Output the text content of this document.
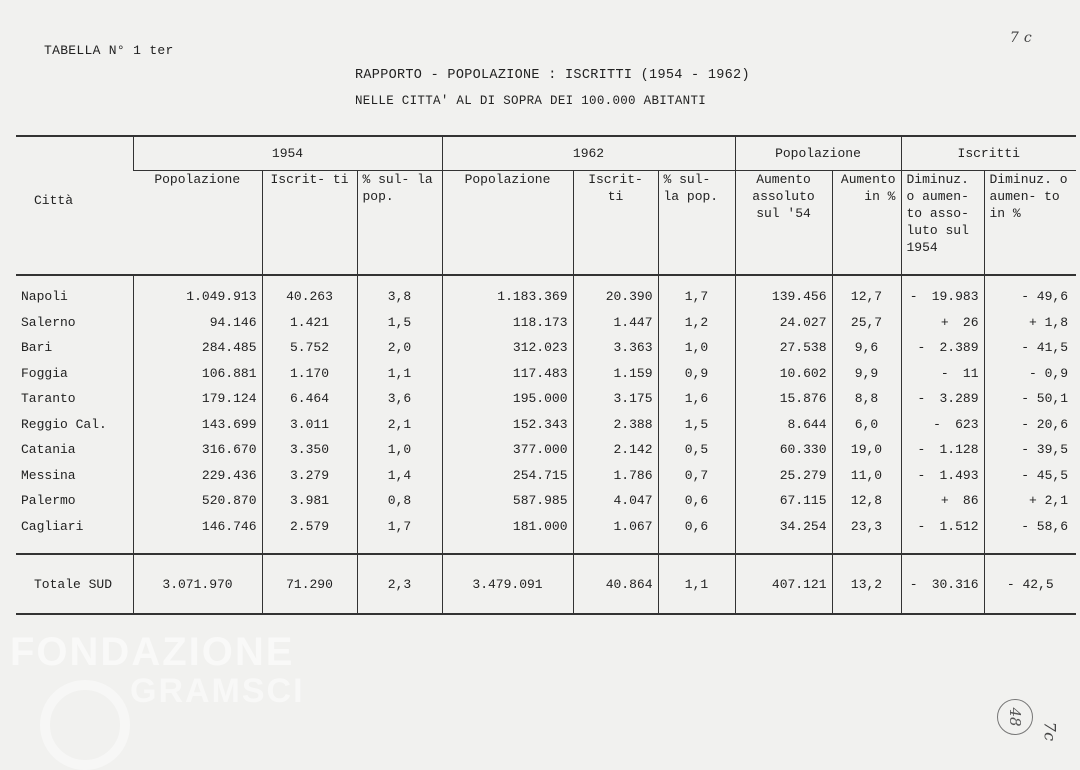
FONDAZIONE
GRAMSCI
TABELLA N° 1 ter
RAPPORTO - POPOLAZIONE : ISCRITTI (1954 - 1962)
NELLE CITTA' AL DI SOPRA DEI 100.000 ABITANTI
7 c
7c
48
Città	1954			1962			Popolazione		Iscritti	
	Popolazione	Iscrit- ti	% sul- la pop.	Popolazione	Iscrit- ti	% sul- la pop.	Aumento assoluto sul '54	Aumento in %	Diminuz. o aumen- to asso- luto sul 1954	Diminuz. o aumen- to in %
Napoli	1.049.913	40.263	3,8	1.183.369	20.390	1,7	139.456	12,7	- 19.983	- 49,6
Salerno	94.146	1.421	1,5	118.173	1.447	1,2	24.027	25,7	+ 26	+ 1,8
Bari	284.485	5.752	2,0	312.023	3.363	1,0	27.538	9,6	- 2.389	- 41,5
Foggia	106.881	1.170	1,1	117.483	1.159	0,9	10.602	9,9	- 11	- 0,9
Taranto	179.124	6.464	3,6	195.000	3.175	1,6	15.876	8,8	- 3.289	- 50,1
Reggio Cal.	143.699	3.011	2,1	152.343	2.388	1,5	8.644	6,0	- 623	- 20,6
Catania	316.670	3.350	1,0	377.000	2.142	0,5	60.330	19,0	- 1.128	- 39,5
Messina	229.436	3.279	1,4	254.715	1.786	0,7	25.279	11,0	- 1.493	- 45,5
Palermo	520.870	3.981	0,8	587.985	4.047	0,6	67.115	12,8	+ 86	+ 2,1
Cagliari	146.746	2.579	1,7	181.000	1.067	0,6	34.254	23,3	- 1.512	- 58,6
Totale SUD	3.071.970	71.290	2,3	3.479.091	40.864	1,1	407.121	13,2	- 30.316	- 42,5
